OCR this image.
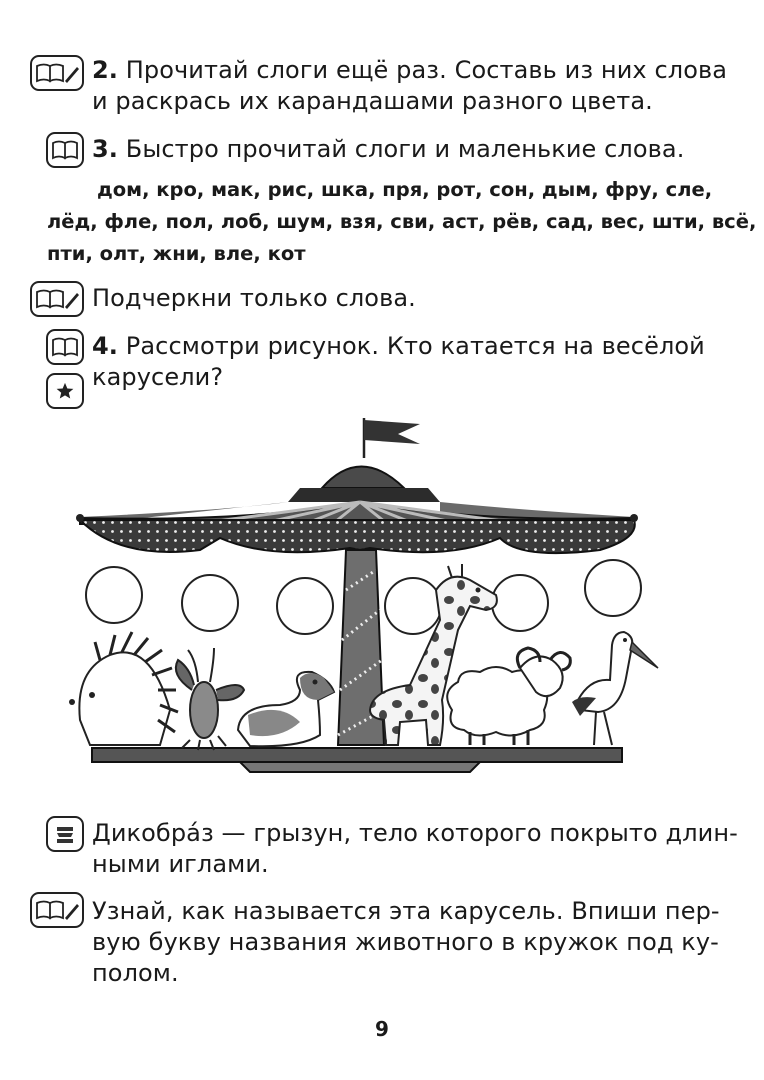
2. Прочитай слоги ещё раз. Составь из них слова
и раскрась их карандашами разного цвета.
3. Быстро прочитай слоги и маленькие слова.
дом, кро, мак, рис, шка, пря, рот, сон, дым, фру, сле,
лёд, фле, пол, лоб, шум, взя, сви, аст, рёв, сад, вес, шти, всё,
пти, олт, жни, вле, кот
Подчеркни только слова.
4. Рассмотри рисунок. Кто катается на весёлой
карусели?
Дикобра́з — грызун, тело которого покрыто длин-
ными иглами.
Узнай, как называется эта карусель. Впиши пер-
вую букву названия животного в кружок под ку-
полом.
9
